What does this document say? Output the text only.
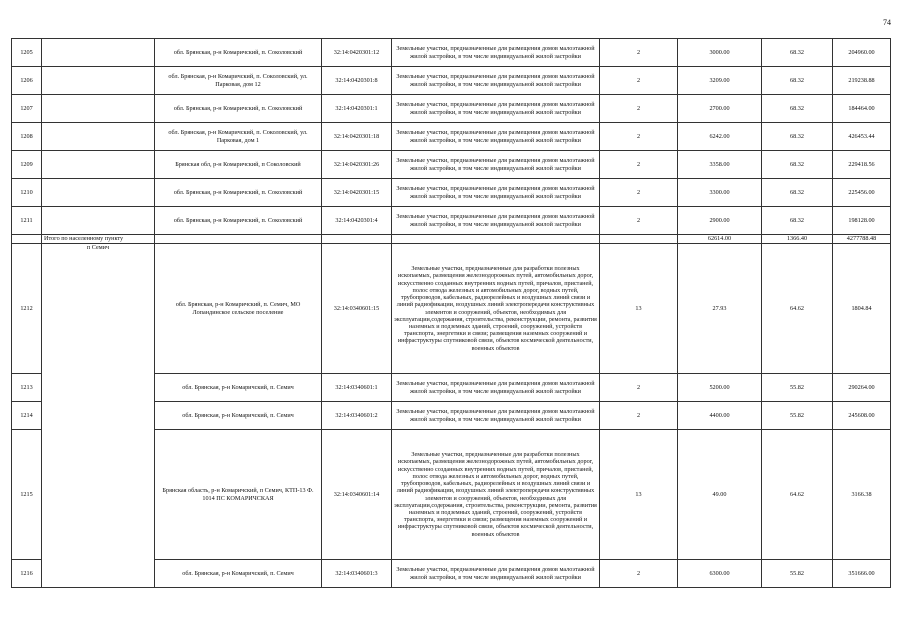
74
1205		обл. Брянская, р-н Комаричский, п. Соколовский	32:14:0420301:12	Земельные участки, предназначенные для размещения домов малоэтажной жилой застройки, в том числе индивидуальной жилой застройки	2	3000.00	68.32	204960.00
1206		обл. Брянская, р-н Комаричский, п. Соколовский, ул. Парковая, дом 12	32:14:0420301:8	Земельные участки, предназначенные для размещения домов малоэтажной жилой застройки, в том числе индивидуальной жилой застройки	2	3209.00	68.32	219238.88
1207		обл. Брянская, р-н Комаричский, п. Соколовский	32:14:0420301:1	Земельные участки, предназначенные для размещения домов малоэтажной жилой застройки, в том числе индивидуальной жилой застройки	2	2700.00	68.32	184464.00
1208		обл. Брянская, р-н Комаричский, п. Соколовский, ул. Парковая, дом 1	32:14:0420301:18	Земельные участки, предназначенные для размещения домов малоэтажной жилой застройки, в том числе индивидуальной жилой застройки	2	6242.00	68.32	426453.44
1209		Брянская обл, р-н Комаричский, п Соколовский	32:14:0420301:26	Земельные участки, предназначенные для размещения домов малоэтажной жилой застройки, в том числе индивидуальной жилой застройки	2	3358.00	68.32	229418.56
1210		обл. Брянская, р-н Комаричский, п. Соколовский	32:14:0420301:15	Земельные участки, предназначенные для размещения домов малоэтажной жилой застройки, в том числе индивидуальной жилой застройки	2	3300.00	68.32	225456.00
1211		обл. Брянская, р-н Комаричский, п. Соколовский	32:14:0420301:4	Земельные участки, предназначенные для размещения домов малоэтажной жилой застройки, в том числе индивидуальной жилой застройки	2	2900.00	68.32	198128.00
	Итого по населенному пункту					62614.00	1366.40	4277788.48
1212	п Семич	обл. Брянская, р-н Комаричский, п. Семич, МО Лопандинское сельское поселение	32:14:0340601:15	Земельные участки, предназначенные для разработки полезных ископаемых, размещения железнодорожных путей, автомобильных дорог, искусственно созданных внутренних водных путей, причалов, пристаней, полос отвода железных и автомобильных дорог, водных путей, трубопроводов, кабельных, радиорелейных и воздушных линий связи и линий радиофикации, воздушных линий электропередачи конструктивных элементов и сооружений, объектов, необходимых для эксплуатации,содержания, строительства, реконструкции, ремонта, развития наземных и подземных зданий, строений, сооружений, устройств транспорта, энергетики и связи; размещения наземных сооружений и инфраструктуры спутниковой связи, объектов космической деятельности, военных объектов	13	27.93	64.62	1804.84
1213		обл. Брянская, р-н Комаричский, п. Семич	32:14:0340601:1	Земельные участки, предназначенные для размещения домов малоэтажной жилой застройки, в том числе индивидуальной жилой застройки	2	5200.00	55.82	290264.00
1214		обл. Брянская, р-н Комаричский, п. Семич	32:14:0340601:2	Земельные участки, предназначенные для размещения домов малоэтажной жилой застройки, в том числе индивидуальной жилой застройки	2	4400.00	55.82	245608.00
1215		Брянская область, р-н Комаричский, п Семич, КТП-13 Ф. 1014 ПС КОМАРИЧСКАЯ	32:14:0340601:14	Земельные участки, предназначенные для разработки полезных ископаемых, размещения железнодорожных путей, автомобильных дорог, искусственно созданных внутренних водных путей, причалов, пристаней, полос отвода железных и автомобильных дорог, водных путей, трубопроводов, кабельных, радиорелейных и воздушных линий связи и линий радиофикации, воздушных линий электропередачи конструктивных элементов и сооружений, объектов, необходимых для эксплуатации,содержания, строительства, реконструкции, ремонта, развития наземных и подземных зданий, строений, сооружений, устройств транспорта, энергетики и связи; размещения наземных сооружений и инфраструктуры спутниковой связи, объектов космической деятельности, военных объектов	13	49.00	64.62	3166.38
1216		обл. Брянская, р-н Комаричский, п. Семич	32:14:0340601:3	Земельные участки, предназначенные для размещения домов малоэтажной жилой застройки, в том числе индивидуальной жилой застройки	2	6300.00	55.82	351666.00
